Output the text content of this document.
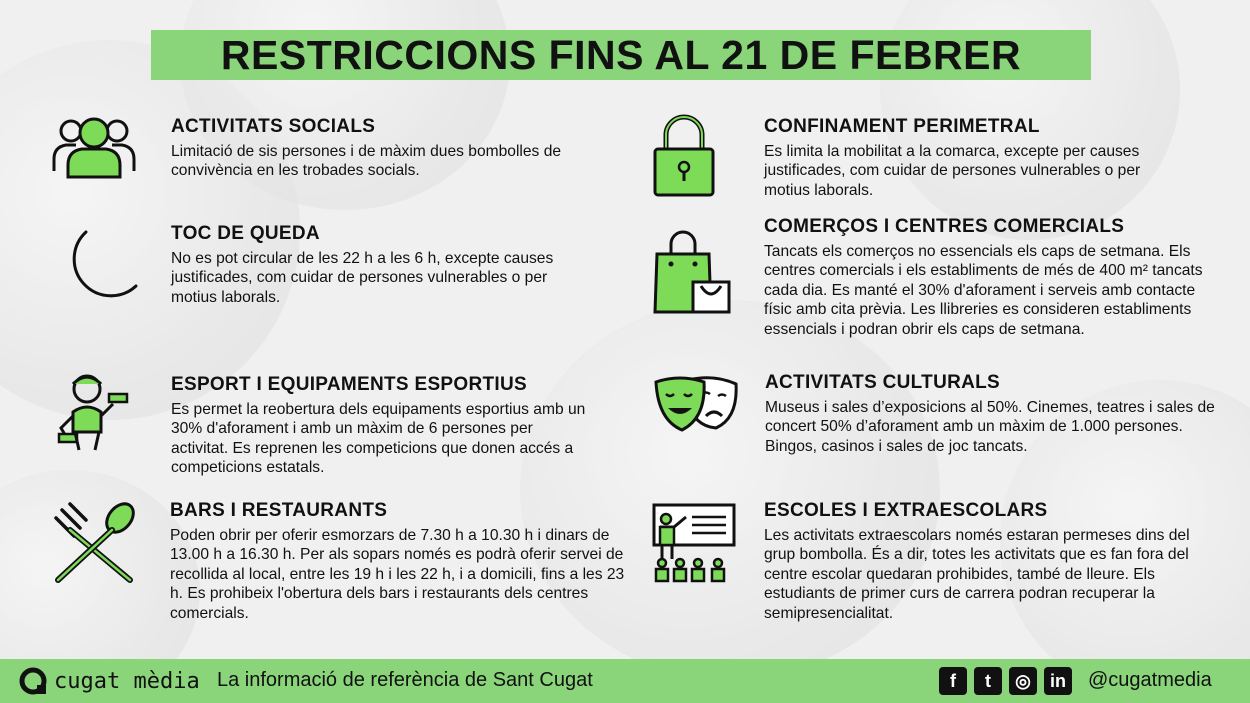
RESTRICCIONS FINS AL 21 DE FEBRER
ACTIVITATS SOCIALS

Limitació de sis persones i de màxim dues bombolles de convivència en les trobades socials.

TOC DE QUEDA

No es pot circular de les 22 h a les 6 h, excepte causes justificades, com cuidar de persones vulnerables o per motius laborals.

ESPORT I EQUIPAMENTS ESPORTIUS

Es permet la reobertura dels equipaments esportius amb un 30% d'aforament i amb un màxim de 6 persones per activitat. Es reprenen les competicions que donen accés a competicions estatals.

BARS I RESTAURANTS

Poden obrir per oferir esmorzars de 7.30 h a 10.30 h i dinars de 13.00 h a 16.30 h. Per als sopars només es podrà oferir servei de recollida al local, entre les 19 h i les 22 h, i a domicili, fins a les 23 h. Es prohibeix l'obertura dels bars i restaurants dels centres comercials.

CONFINAMENT PERIMETRAL

Es limita la mobilitat a la comarca, excepte per causes justificades, com cuidar de persones vulnerables o per motius laborals.

COMERÇOS I CENTRES COMERCIALS

Tancats els comerços no essencials els caps de setmana. Els centres comercials i els establiments de més de 400 m² tancats cada dia. Es manté el 30% d'aforament i serveis amb contacte físic amb cita prèvia. Les llibreries es consideren establiments essencials i podran obrir els caps de setmana.

ACTIVITATS CULTURALS

Museus i sales d’exposicions al 50%. Cinemes, teatres i sales de concert 50% d’aforament amb un màxim de 1.000 persones. Bingos, casinos i sales de joc tancats.

ESCOLES I EXTRAESCOLARS

Les activitats extraescolars només estaran permeses dins del grup bombolla. És a dir, totes les activitats que es fan fora del centre escolar quedaran prohibides, també de lleure. Els estudiants de primer curs de carrera podran recuperar la semipresencialitat.

cugat mèdia La informació de referència de Sant Cugat	f	t	◎	in	@cugatmedia
